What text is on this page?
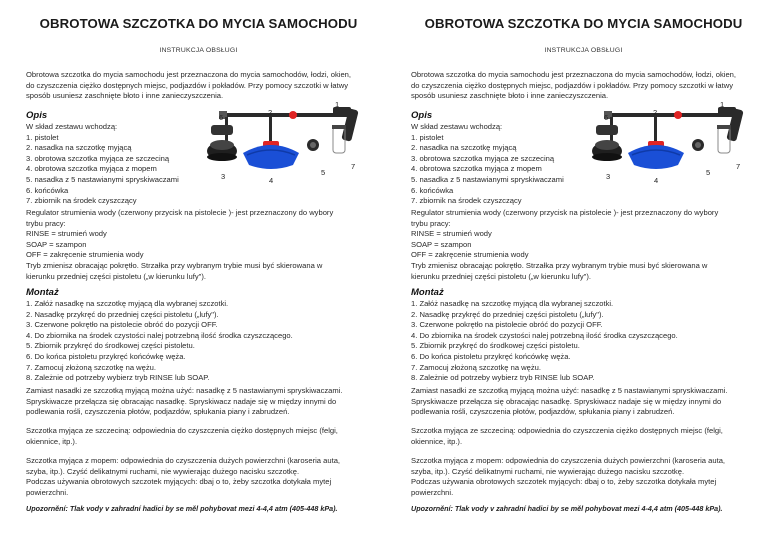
OBROTOWA SZCZOTKA DO MYCIA SAMOCHODU
INSTRUKCJA OBSŁUGI
Obrotowa szczotka do mycia samochodu jest przeznaczona do mycia samochodów, łodzi, okien,
do czyszczenia ciężko dostępnych miejsc, podjazdów i pokładów. Przy pomocy szczotki w łatwy
sposób usuniesz zaschnięte błoto i inne zanieczyszczenia.
Opis
W skład zestawu wchodzą:
1. pistolet
2. nasadka na szczotkę myjącą
3. obrotowa szczotka myjąca ze szczeciną
4. obrotowa szczotka myjąca z mopem
5. nasadka z 5 nastawianymi spryskiwaczami
6. końcówka
7. zbiornik na środek czyszczący
1
2
3	4
5
6
7
Regulator strumienia wody (czerwony przycisk na pistolecie )- jest przeznaczony do wybory
trybu pracy:
RINSE = strumień wody
SOAP = szampon
OFF = zakręcenie strumienia wody
Tryb zmienisz obracając pokrętło. Strzałka przy wybranym trybie musi być skierowana w
kierunku przedniej części pistoletu („w kierunku lufy").
Montaż
1. Załóż nasadkę na szczotkę myjącą dla wybranej szczotki.
2. Nasadkę przykręć do przedniej części pistoletu („lufy").
3. Czerwone pokrętło na pistolecie obróć do pozycji OFF.
4. Do zbiornika na środek czystości nalej potrzebną ilość środka czyszczącego.
5. Zbiornik przykręć do środkowej części pistoletu.
6. Do końca pistoletu przykręć końcówkę węża.
7. Zamocuj złożoną szczotkę na wężu.
8. Zależnie od potrzeby wybierz tryb RINSE lub SOAP.
Zamiast nasadki ze szczotką myjącą można użyć: nasadkę z 5 nastawianymi spryskiwaczami.
Spryskiwacze przełącza się obracając nasadkę. Spryskiwacz nadaje się w między innymi do
podlewania rośli, czyszczenia płotów, podjazdów, spłukania piany i zabrudzeń.
Szczotka myjąca ze szczeciną: odpowiednia do czyszczenia ciężko dostępnych miejsc (felgi,
okiennice, itp.).
Szczotka myjąca z mopem: odpowiednia do czyszczenia dużych powierzchni (karoseria auta,
szyba, itp.). Czyść delikatnymi ruchami, nie wywierając dużego nacisku szczotkę.
Podczas używania obrotowych szczotek myjących: dbaj o to, żeby szczotka dotykała mytej
powierzchni.
Upozornění: Tlak vody v zahradní hadici by se měl pohybovat mezi 4-4,4 atm (405-448 kPa).
OBROTOWA SZCZOTKA DO MYCIA SAMOCHODU
INSTRUKCJA OBSŁUGI
Obrotowa szczotka do mycia samochodu jest przeznaczona do mycia samochodów, łodzi, okien,
do czyszczenia ciężko dostępnych miejsc, podjazdów i pokładów. Przy pomocy szczotki w łatwy
sposób usuniesz zaschnięte błoto i inne zanieczyszczenia.
Opis
W skład zestawu wchodzą:
1. pistolet
2. nasadka na szczotkę myjącą
3. obrotowa szczotka myjąca ze szczeciną
4. obrotowa szczotka myjąca z mopem
5. nasadka z 5 nastawianymi spryskiwaczami
6. końcówka
7. zbiornik na środek czyszczący
1
2
3	4
5
6
7
Regulator strumienia wody (czerwony przycisk na pistolecie )- jest przeznaczony do wybory
trybu pracy:
RINSE = strumień wody
SOAP = szampon
OFF = zakręcenie strumienia wody
Tryb zmienisz obracając pokrętło. Strzałka przy wybranym trybie musi być skierowana w
kierunku przedniej części pistoletu („w kierunku lufy").
Montaż
1. Załóż nasadkę na szczotkę myjącą dla wybranej szczotki.
2. Nasadkę przykręć do przedniej części pistoletu („lufy").
3. Czerwone pokrętło na pistolecie obróć do pozycji OFF.
4. Do zbiornika na środek czystości nalej potrzebną ilość środka czyszczącego.
5. Zbiornik przykręć do środkowej części pistoletu.
6. Do końca pistoletu przykręć końcówkę węża.
7. Zamocuj złożoną szczotkę na wężu.
8. Zależnie od potrzeby wybierz tryb RINSE lub SOAP.
Zamiast nasadki ze szczotką myjącą można użyć: nasadkę z 5 nastawianymi spryskiwaczami.
Spryskiwacze przełącza się obracając nasadkę. Spryskiwacz nadaje się w między innymi do
podlewania rośli, czyszczenia płotów, podjazdów, spłukania piany i zabrudzeń.
Szczotka myjąca ze szczeciną: odpowiednia do czyszczenia ciężko dostępnych miejsc (felgi,
okiennice, itp.).
Szczotka myjąca z mopem: odpowiednia do czyszczenia dużych powierzchni (karoseria auta,
szyba, itp.). Czyść delikatnymi ruchami, nie wywierając dużego nacisku szczotkę.
Podczas używania obrotowych szczotek myjących: dbaj o to, żeby szczotka dotykała mytej
powierzchni.
Upozornění: Tlak vody v zahradní hadici by se měl pohybovat mezi 4-4,4 atm (405-448 kPa).
